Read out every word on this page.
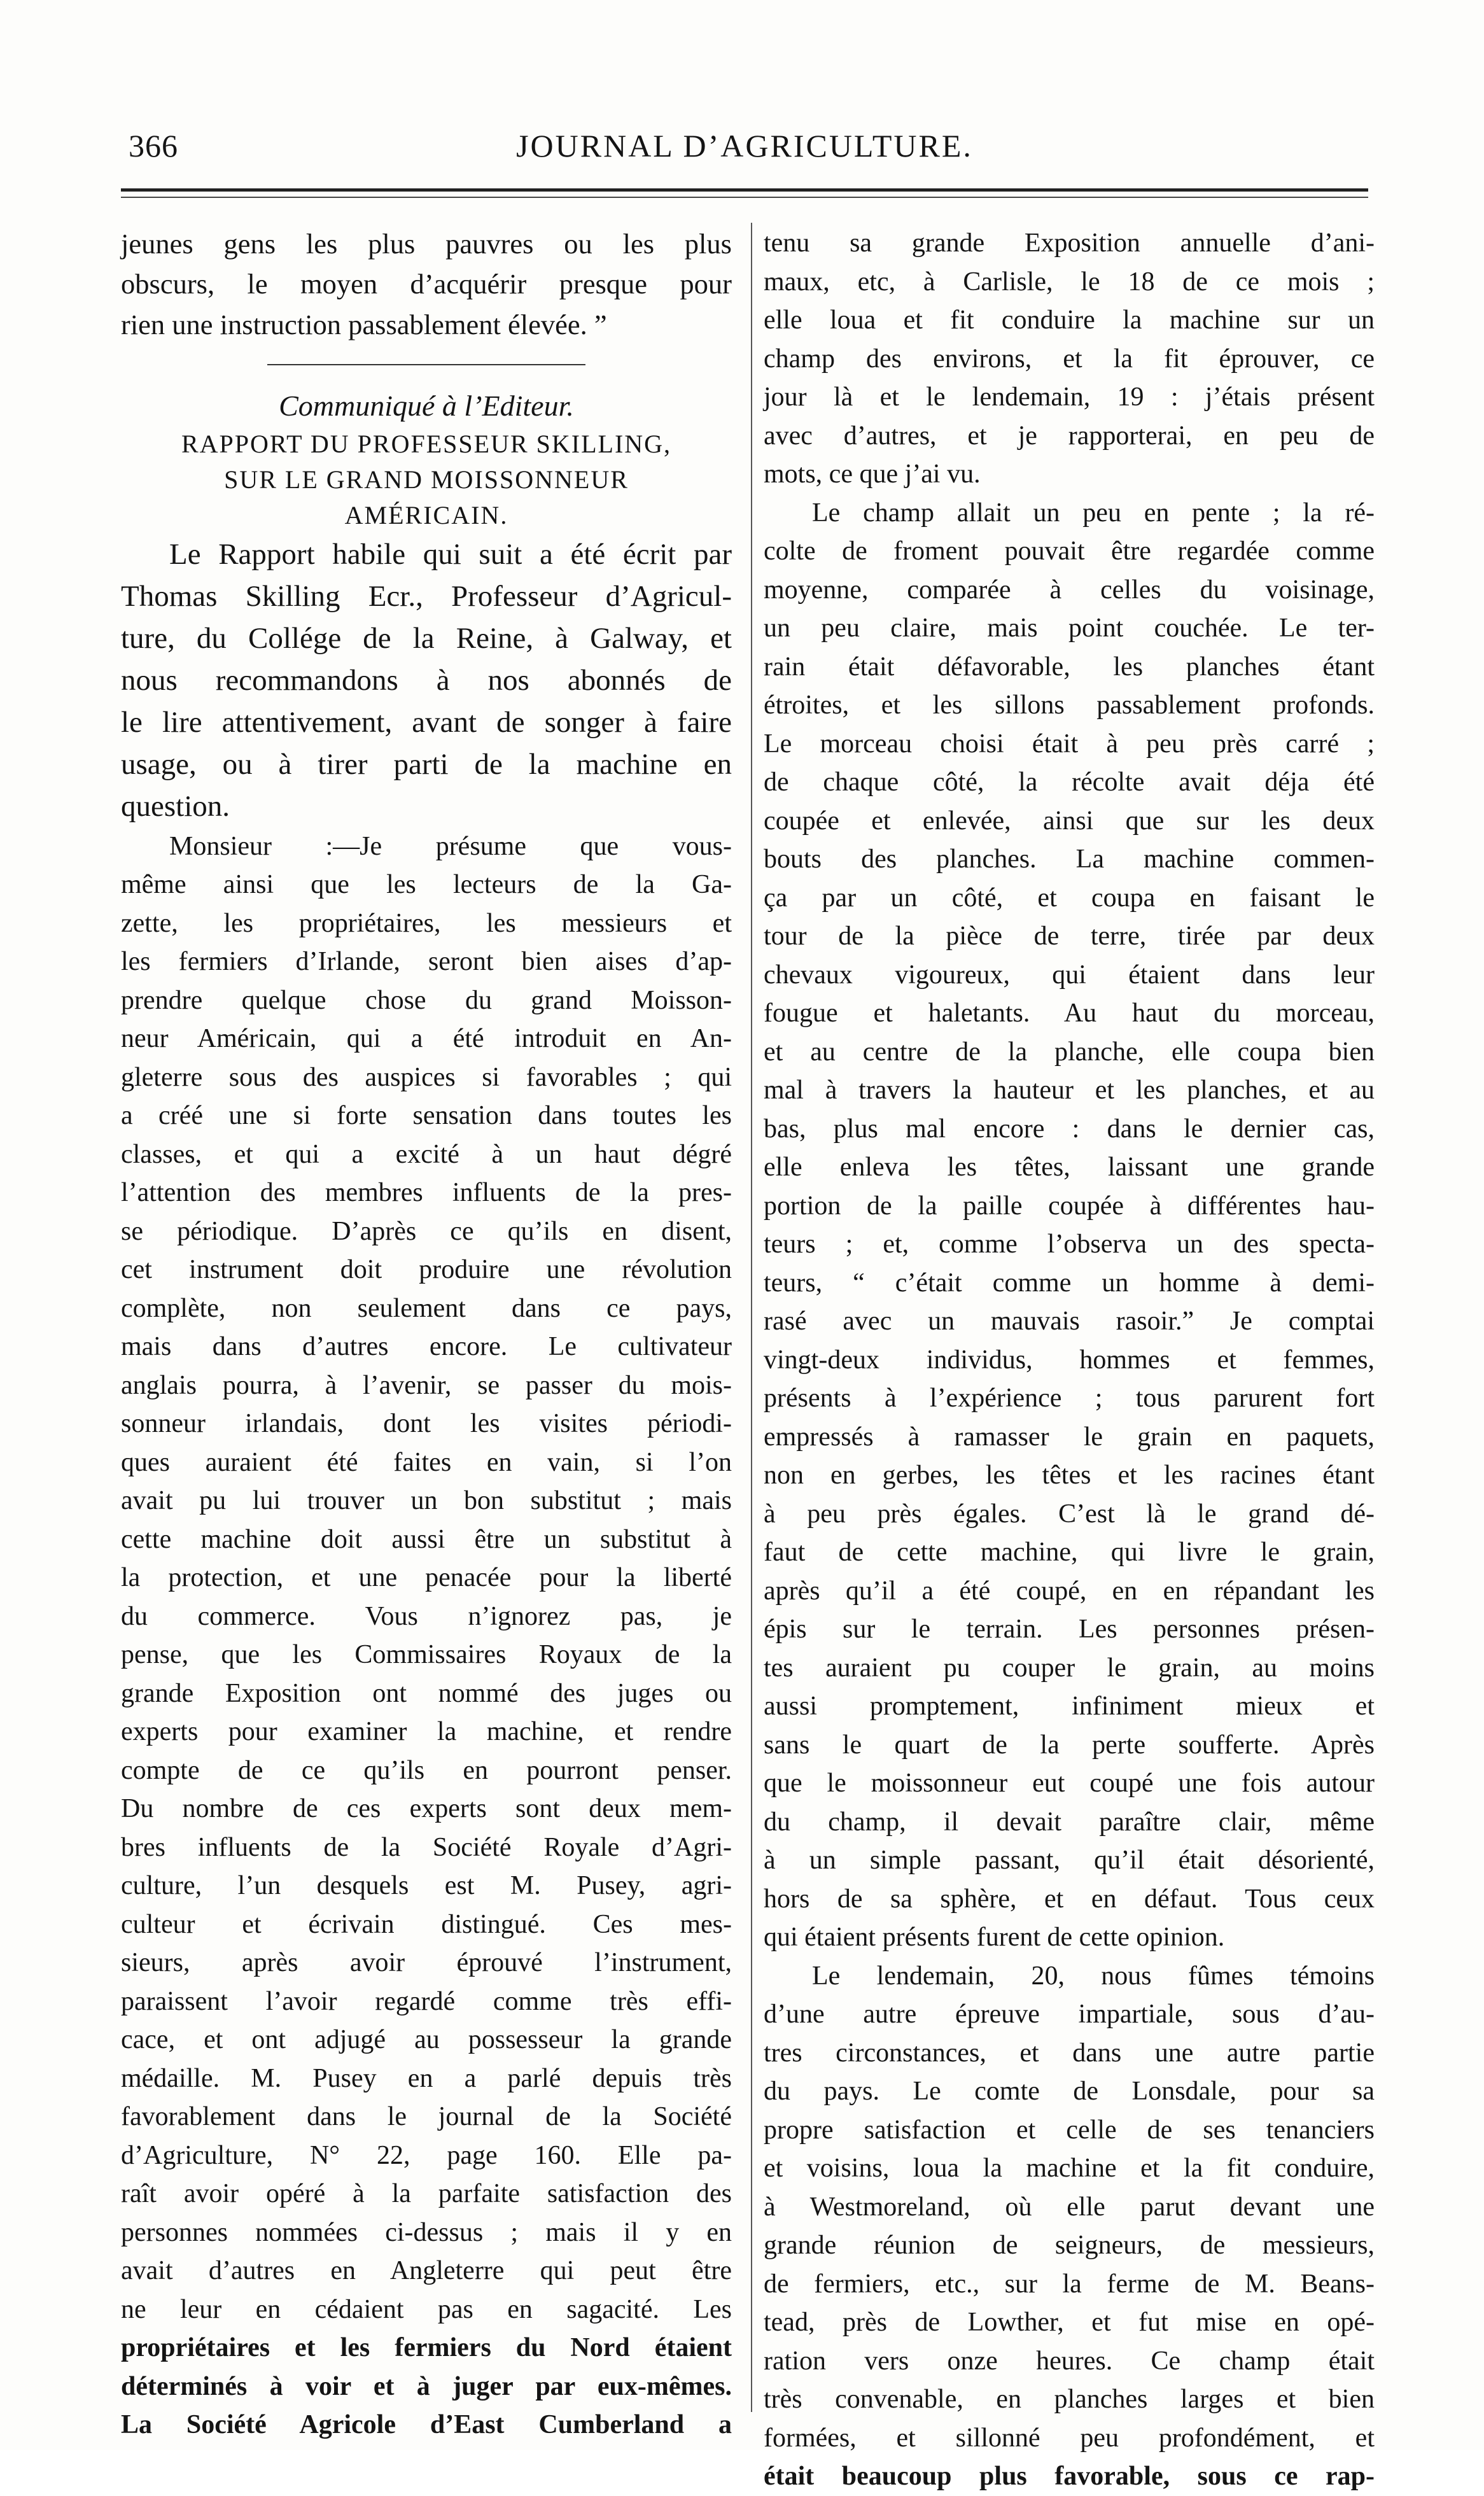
366	JOURNAL D’AGRICULTURE.
jeunes gens les plus pauvres ou les plus
obscurs, le moyen d’acquérir presque pour
rien une instruction passablement élevée. ”
Communiqué à l’Editeur.
RAPPORT DU PROFESSEUR SKILLING,
SUR LE GRAND MOISSONNEUR
AMÉRICAIN.
Le Rapport habile qui suit a été écrit par
Thomas Skilling Ecr., Professeur d’Agricul-
ture, du Collége de la Reine, à Galway, et
nous recommandons à nos abonnés de
le lire attentivement, avant de songer à faire
usage, ou à tirer parti de la machine en
question.
Monsieur :—Je présume que vous-
même ainsi que les lecteurs de la Ga-
zette, les propriétaires, les messieurs et
les fermiers d’Irlande, seront bien aises d’ap-
prendre quelque chose du grand Moisson-
neur Américain, qui a été introduit en An-
gleterre sous des auspices si favorables ; qui
a créé une si forte sensation dans toutes les
classes, et qui a excité à un haut dégré
l’attention des membres influents de la pres-
se périodique. D’après ce qu’ils en disent,
cet instrument doit produire une révolution
complète, non seulement dans ce pays,
mais dans d’autres encore. Le cultivateur
anglais pourra, à l’avenir, se passer du mois-
sonneur irlandais, dont les visites périodi-
ques auraient été faites en vain, si l’on
avait pu lui trouver un bon substitut ; mais
cette machine doit aussi être un substitut à
la protection, et une penacée pour la liberté
du commerce. Vous n’ignorez pas, je
pense, que les Commissaires Royaux de la
grande Exposition ont nommé des juges ou
experts pour examiner la machine, et rendre
compte de ce qu’ils en pourront penser.
Du nombre de ces experts sont deux mem-
bres influents de la Société Royale d’Agri-
culture, l’un desquels est M. Pusey, agri-
culteur et écrivain distingué. Ces mes-
sieurs, après avoir éprouvé l’instrument,
paraissent l’avoir regardé comme très effi-
cace, et ont adjugé au possesseur la grande
médaille. M. Pusey en a parlé depuis très
favorablement dans le journal de la Société
d’Agriculture, N° 22, page 160. Elle pa-
raît avoir opéré à la parfaite satisfaction des
personnes nommées ci-dessus ; mais il y en
avait d’autres en Angleterre qui peut être
ne leur en cédaient pas en sagacité. Les
propriétaires et les fermiers du Nord étaient
déterminés à voir et à juger par eux-mêmes.
La Société Agricole d’East Cumberland a
tenu sa grande Exposition annuelle d’ani-
maux, etc, à Carlisle, le 18 de ce mois ;
elle loua et fit conduire la machine sur un
champ des environs, et la fit éprouver, ce
jour là et le lendemain, 19 : j’étais présent
avec d’autres, et je rapporterai, en peu de
mots, ce que j’ai vu.
Le champ allait un peu en pente ; la ré-
colte de froment pouvait être regardée comme
moyenne, comparée à celles du voisinage,
un peu claire, mais point couchée. Le ter-
rain était défavorable, les planches étant
étroites, et les sillons passablement profonds.
Le morceau choisi était à peu près carré ;
de chaque côté, la récolte avait déja été
coupée et enlevée, ainsi que sur les deux
bouts des planches. La machine commen-
ça par un côté, et coupa en faisant le
tour de la pièce de terre, tirée par deux
chevaux vigoureux, qui étaient dans leur
fougue et haletants. Au haut du morceau,
et au centre de la planche, elle coupa bien
mal à travers la hauteur et les planches, et au
bas, plus mal encore : dans le dernier cas,
elle enleva les têtes, laissant une grande
portion de la paille coupée à différentes hau-
teurs ; et, comme l’observa un des specta-
teurs, “ c’était comme un homme à demi-
rasé avec un mauvais rasoir.” Je comptai
vingt-deux individus, hommes et femmes,
présents à l’expérience ; tous parurent fort
empressés à ramasser le grain en paquets,
non en gerbes, les têtes et les racines étant
à peu près égales. C’est là le grand dé-
faut de cette machine, qui livre le grain,
après qu’il a été coupé, en en répandant les
épis sur le terrain. Les personnes présen-
tes auraient pu couper le grain, au moins
aussi promptement, infiniment mieux et
sans le quart de la perte soufferte. Après
que le moissonneur eut coupé une fois autour
du champ, il devait paraître clair, même
à un simple passant, qu’il était désorienté,
hors de sa sphère, et en défaut. Tous ceux
qui étaient présents furent de cette opinion.
Le lendemain, 20, nous fûmes témoins
d’une autre épreuve impartiale, sous d’au-
tres circonstances, et dans une autre partie
du pays. Le comte de Lonsdale, pour sa
propre satisfaction et celle de ses tenanciers
et voisins, loua la machine et la fit conduire,
à Westmoreland, où elle parut devant une
grande réunion de seigneurs, de messieurs,
de fermiers, etc., sur la ferme de M. Beans-
tead, près de Lowther, et fut mise en opé-
ration vers onze heures. Ce champ était
très convenable, en planches larges et bien
formées, et sillonné peu profondément, et
était beaucoup plus favorable, sous ce rap-
